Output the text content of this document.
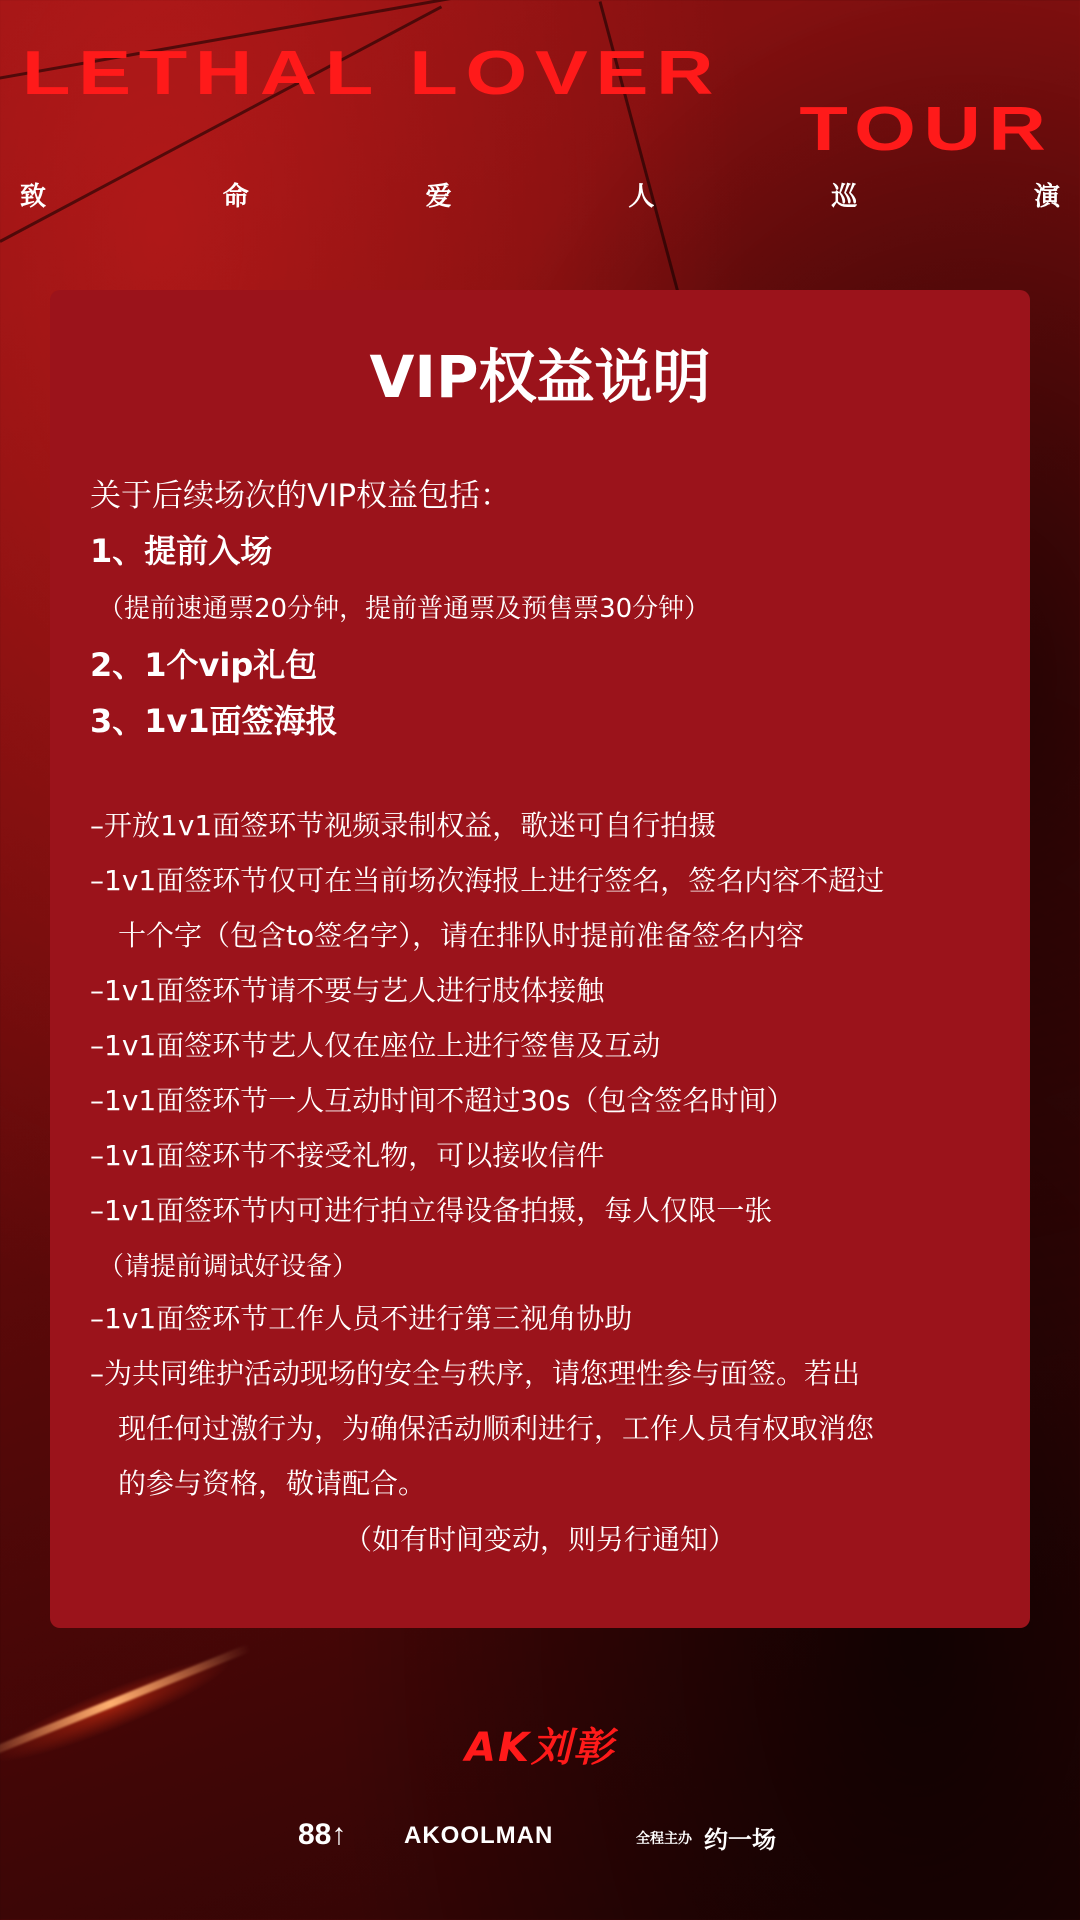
LETHAL LOVER
TOUR
致	命	爱	人	巡	演
VIP权益说明
关于后续场次的VIP权益包括：
1、提前入场
（提前速通票20分钟，提前普通票及预售票30分钟）
2、1个vip礼包
3、1v1面签海报
–开放1v1面签环节视频录制权益，歌迷可自行拍摄
–1v1面签环节仅可在当前场次海报上进行签名，签名内容不超过
十个字（包含to签名字），请在排队时提前准备签名内容
–1v1面签环节请不要与艺人进行肢体接触
–1v1面签环节艺人仅在座位上进行签售及互动
–1v1面签环节一人互动时间不超过30s（包含签名时间）
–1v1面签环节不接受礼物，可以接收信件
–1v1面签环节内可进行拍立得设备拍摄，每人仅限一张
（请提前调试好设备）
–1v1面签环节工作人员不进行第三视角协助
–为共同维护活动现场的安全与秩序，请您理性参与面签。若出
现任何过激行为，为确保活动顺利进行，工作人员有权取消您
的参与资格，敬请配合。
（如有时间变动，则另行通知）
AK刘彰
88↑ AKOOLMAN	全程主办 约一场
